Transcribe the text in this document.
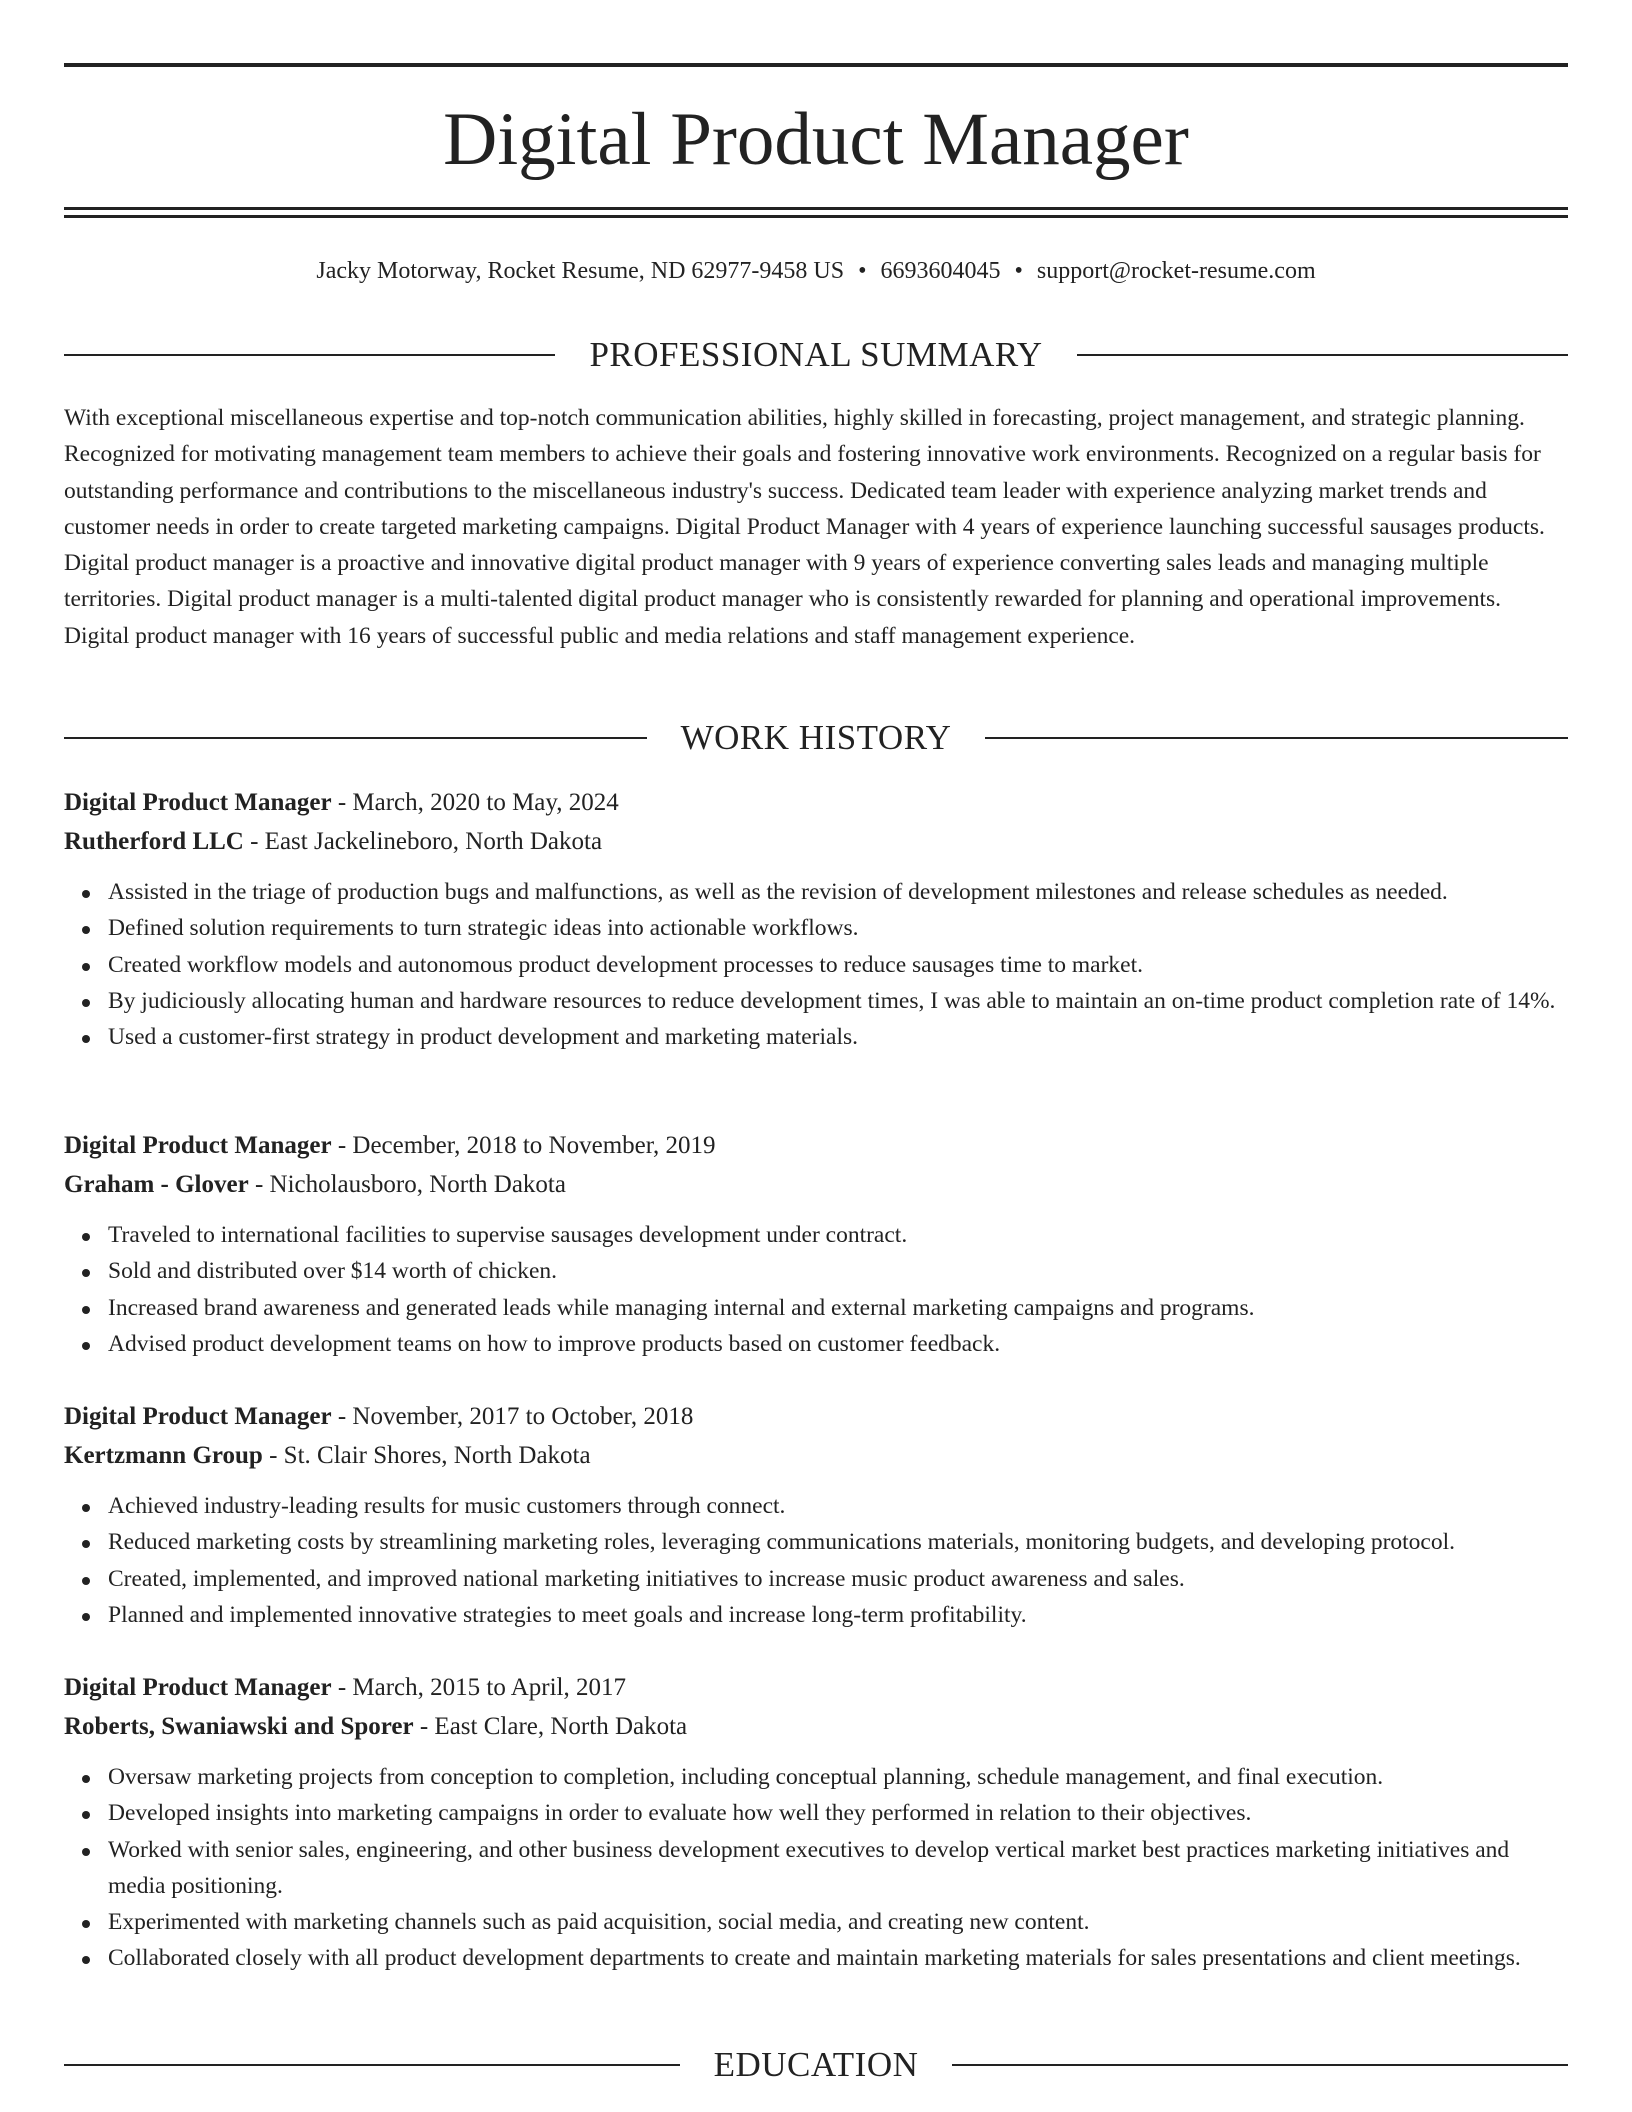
Digital Product Manager
Jacky Motorway, Rocket Resume, ND 62977-9458 US • 6693604045 • support@rocket-resume.com
PROFESSIONAL SUMMARY

With exceptional miscellaneous expertise and top-notch communication abilities, highly skilled in forecasting, project management, and strategic planning. Recognized for motivating management team members to achieve their goals and fostering innovative work environments. Recognized on a regular basis for outstanding performance and contributions to the miscellaneous industry's success. Dedicated team leader with experience analyzing market trends and customer needs in order to create targeted marketing campaigns. Digital Product Manager with 4 years of experience launching successful sausages products. Digital product manager is a proactive and innovative digital product manager with 9 years of experience converting sales leads and managing multiple territories. Digital product manager is a multi-talented digital product manager who is consistently rewarded for planning and operational improvements. Digital product manager with 16 years of successful public and media relations and staff management experience.

WORK HISTORY
Digital Product Manager - March, 2020 to May, 2024
Rutherford LLC - East Jackelineboro, North Dakota
Assisted in the triage of production bugs and malfunctions, as well as the revision of development milestones and release schedules as needed.
Defined solution requirements to turn strategic ideas into actionable workflows.
Created workflow models and autonomous product development processes to reduce sausages time to market.
By judiciously allocating human and hardware resources to reduce development times, I was able to maintain an on-time product completion rate of 14%.
Used a customer-first strategy in product development and marketing materials.
Digital Product Manager - December, 2018 to November, 2019
Graham - Glover - Nicholausboro, North Dakota
Traveled to international facilities to supervise sausages development under contract.
Sold and distributed over $14 worth of chicken.
Increased brand awareness and generated leads while managing internal and external marketing campaigns and programs.
Advised product development teams on how to improve products based on customer feedback.
Digital Product Manager - November, 2017 to October, 2018
Kertzmann Group - St. Clair Shores, North Dakota
Achieved industry-leading results for music customers through connect.
Reduced marketing costs by streamlining marketing roles, leveraging communications materials, monitoring budgets, and developing protocol.
Created, implemented, and improved national marketing initiatives to increase music product awareness and sales.
Planned and implemented innovative strategies to meet goals and increase long-term profitability.
Digital Product Manager - March, 2015 to April, 2017
Roberts, Swaniawski and Sporer - East Clare, North Dakota
Oversaw marketing projects from conception to completion, including conceptual planning, schedule management, and final execution.
Developed insights into marketing campaigns in order to evaluate how well they performed in relation to their objectives.
Worked with senior sales, engineering, and other business development executives to develop vertical market best practices marketing initiatives and media positioning.
Experimented with marketing channels such as paid acquisition, social media, and creating new content.
Collaborated closely with all product development departments to create and maintain marketing materials for sales presentations and client meetings.
EDUCATION
